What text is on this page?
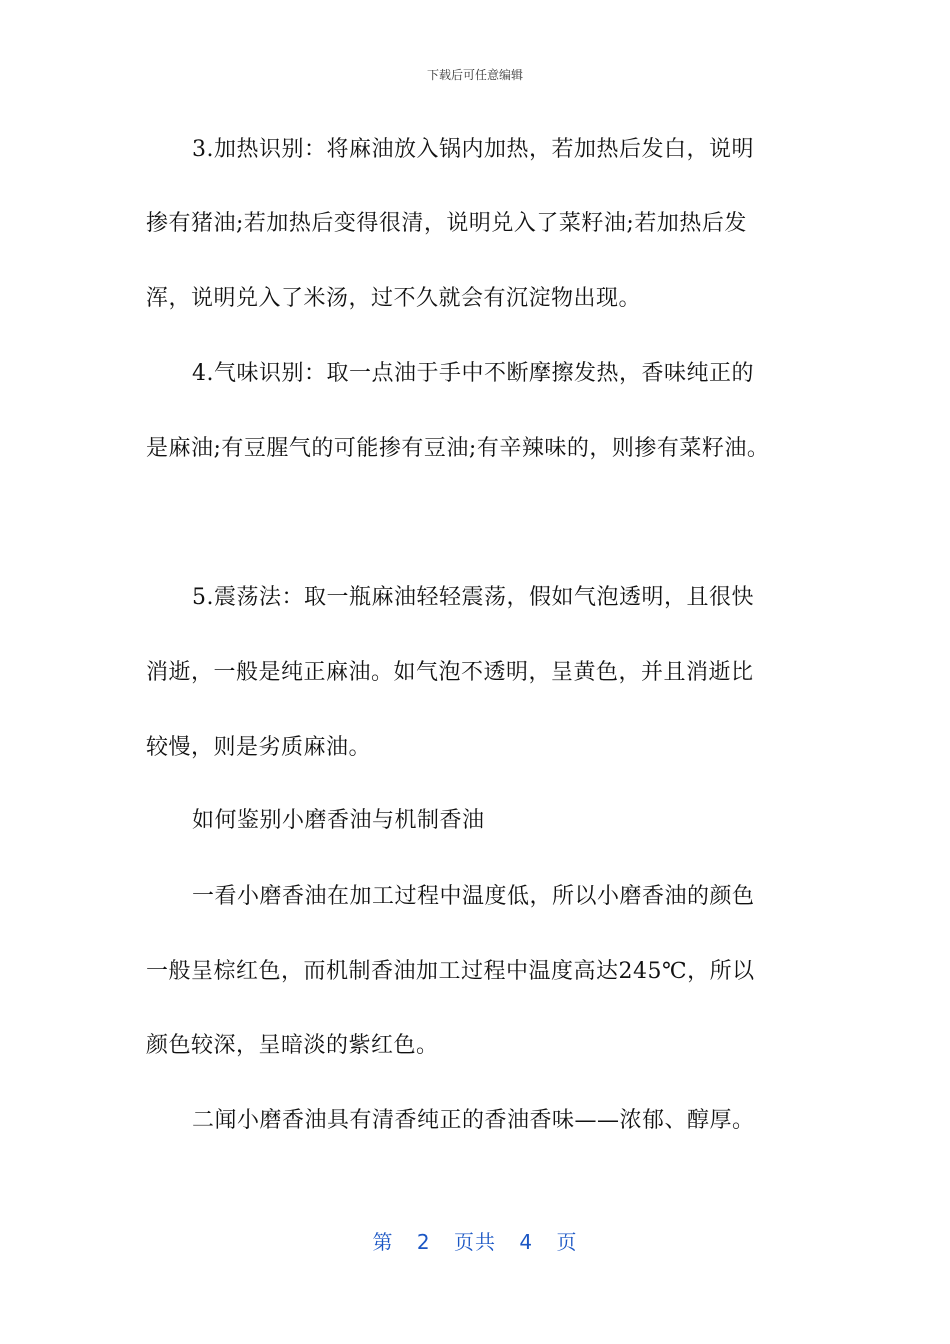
下载后可任意编辑
3.加热识别：将麻油放入锅内加热，若加热后发白，说明
掺有猪油;若加热后变得很清，说明兑入了菜籽油;若加热后发
浑，说明兑入了米汤，过不久就会有沉淀物出现。
4.气味识别：取一点油于手中不断摩擦发热，香味纯正的
是麻油;有豆腥气的可能掺有豆油;有辛辣味的，则掺有菜籽油。
5.震荡法：取一瓶麻油轻轻震荡，假如气泡透明，且很快
消逝，一般是纯正麻油。如气泡不透明，呈黄色，并且消逝比
较慢，则是劣质麻油。
如何鉴别小磨香油与机制香油
一看小磨香油在加工过程中温度低，所以小磨香油的颜色
一般呈棕红色，而机制香油加工过程中温度高达245℃，所以
颜色较深，呈暗淡的紫红色。
二闻小磨香油具有清香纯正的香油香味——浓郁、醇厚。
第 2 页共 4 页
